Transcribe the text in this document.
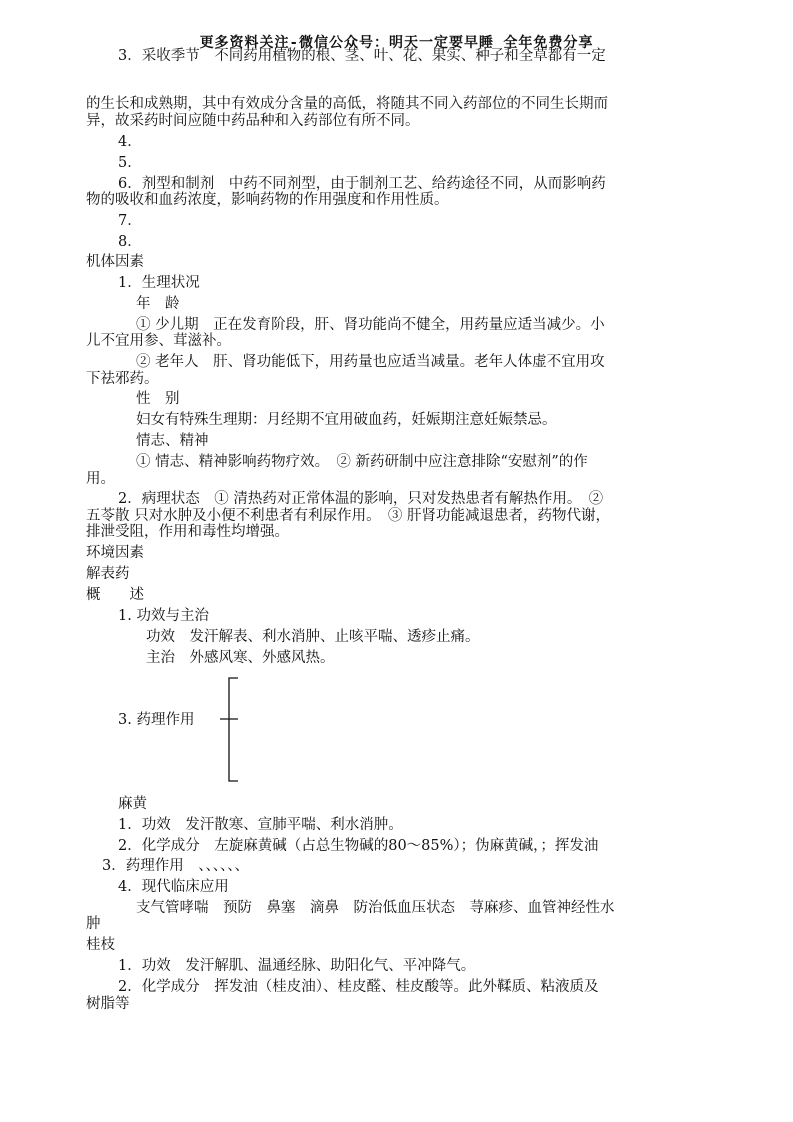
更多资料关注-微信公众号：明天一定要早睡 全年免费分享
3．采收季节　不同药用植物的根、茎、叶、花、果实、种子和全草都有一定
的生长和成熟期，其中有效成分含量的高低，将随其不同入药部位的不同生长期而
异，故采药时间应随中药品种和入药部位有所不同。
4．
5．
6．剂型和制剂　中药不同剂型，由于制剂工艺、给药途径不同，从而影响药
物的吸收和血药浓度，影响药物的作用强度和作用性质。
7．
8．
机体因素
1．生理状况
年　龄
① 少儿期　正在发育阶段，肝、肾功能尚不健全，用药量应适当减少。小
儿不宜用参、茸滋补。
② 老年人　肝、肾功能低下，用药量也应适当减量。老年人体虚不宜用攻
下祛邪药。
性　别
妇女有特殊生理期：月经期不宜用破血药，妊娠期注意妊娠禁忌。
情志、精神
① 情志、精神影响药物疗效。　② 新药研制中应注意排除“安慰剂”的作
用。
2．病理状态　① 清热药对正常体温的影响，只对发热患者有解热作用。　②
五苓散 只对水肿及小便不利患者有利尿作用。　③ 肝肾功能减退患者，药物代谢，
排泄受阻，作用和毒性均增强。
环境因素
解表药
概　　述
1. 功效与主治
功效　发汗解表、利水消肿、止咳平喘、透疹止痛。
主治　外感风寒、外感风热。
3. 药理作用
麻黄
1．功效　发汗散寒、宣肺平喘、利水消肿。
2．化学成分　左旋麻黄碱（占总生物碱的80～85%）；伪麻黄碱，；挥发油
3．药理作用　、、、、、、
4．现代临床应用
支气管哮喘　预防　鼻塞　滴鼻　防治低血压状态　荨麻疹、血管神经性水
肿
桂枝
1．功效　发汗解肌、温通经脉、助阳化气、平冲降气。
2．化学成分　挥发油（桂皮油）、桂皮醛、桂皮酸等。此外鞣质、粘液质及
树脂等
